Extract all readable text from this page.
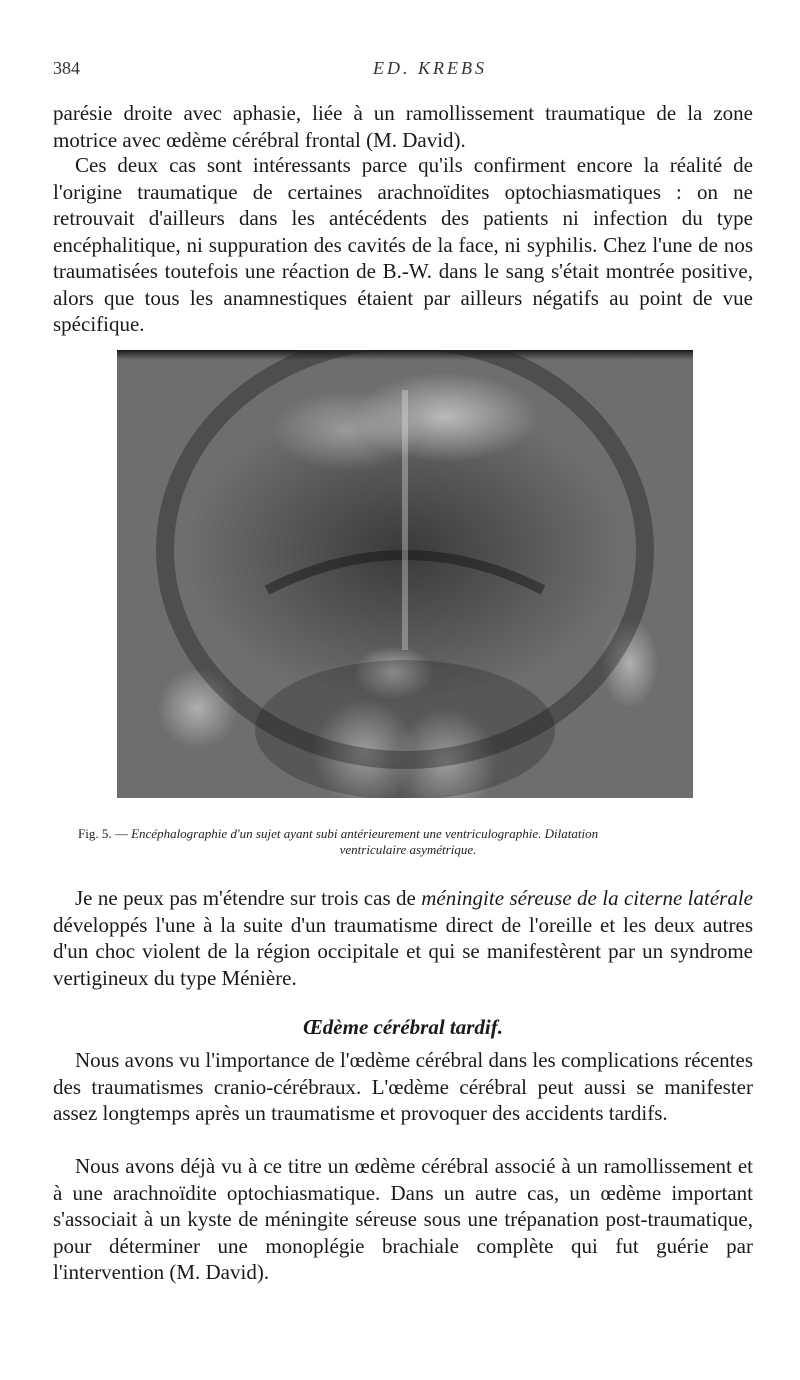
384	ED. KREBS

parésie droite avec aphasie, liée à un ramollissement traumatique de la zone motrice avec œdème cérébral frontal (M. David).

Ces deux cas sont intéressants parce qu'ils confirment encore la réalité de l'origine traumatique de certaines arachnoïdites optochiasmatiques : on ne retrouvait d'ailleurs dans les antécédents des patients ni infection du type encéphalitique, ni suppuration des cavités de la face, ni syphilis. Chez l'une de nos traumatisées toutefois une réaction de B.-W. dans le sang s'était montrée positive, alors que tous les anamnestiques étaient par ailleurs négatifs au point de vue spécifique.

Fig. 5. — Encéphalographie d'un sujet ayant subi antérieurement une ventriculographie. Dilatation
ventriculaire asymétrique.

Je ne peux pas m'étendre sur trois cas de méningite séreuse de la citerne latérale développés l'une à la suite d'un traumatisme direct de l'oreille et les deux autres d'un choc violent de la région occipitale et qui se manifestèrent par un syndrome vertigineux du type Ménière.

Œdème cérébral tardif.

Nous avons vu l'importance de l'œdème cérébral dans les complications récentes des traumatismes cranio-cérébraux. L'œdème cérébral peut aussi se manifester assez longtemps après un traumatisme et provoquer des accidents tardifs.

Nous avons déjà vu à ce titre un œdème cérébral associé à un ramollissement et à une arachnoïdite optochiasmatique. Dans un autre cas, un œdème important s'associait à un kyste de méningite séreuse sous une trépanation post-traumatique, pour déterminer une monoplégie brachiale complète qui fut guérie par l'intervention (M. David).
